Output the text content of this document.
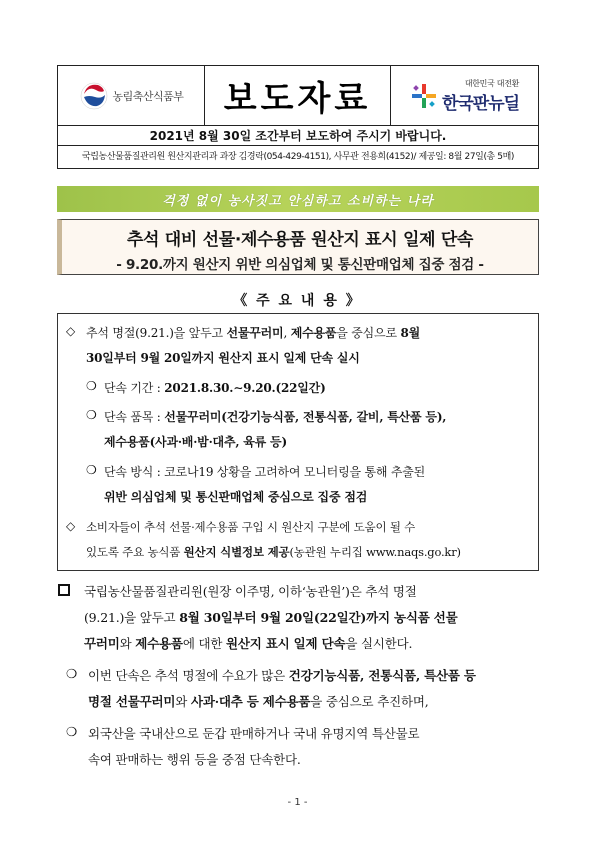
농림축산식품부 보도자료	대한민국 대전환
한국판뉴딜
2021년 8월 30일 조간부터 보도하여 주시기 바랍니다.
국립농산물품질관리원 원산지관리과 과장 김경락(054-429-4151), 사무관 전용희(4152)/ 제공일: 8월 27일(총 5매)
걱정 없이 농사짓고 안심하고 소비하는 나라
추석 대비 선물·제수용품 원산지 표시 일제 단속
- 9.20.까지 원산지 위반 의심업체 및 통신판매업체 집중 점검 -
《 주 요 내 용 》
◇ 추석 명절(9.21.)을 앞두고 선물꾸러미, 제수용품을 중심으로 8월
30일부터 9월 20일까지 원산지 표시 일제 단속 실시
❍ 단속 기간 : 2021.8.30.∼9.20.(22일간)
❍ 단속 품목 : 선물꾸러미(건강기능식품, 전통식품, 갈비, 특산품 등),
제수용품(사과·배·밤·대추, 육류 등)
❍ 단속 방식 : 코로나19 상황을 고려하여 모니터링을 통해 추출된
위반 의심업체 및 통신판매업체 중심으로 집중 점검
◇ 소비자들이 추석 선물·제수용품 구입 시 원산지 구분에 도움이 될 수
있도록 주요 농식품 원산지 식별정보 제공(농관원 누리집 www.naqs.go.kr)
국립농산물품질관리원(원장 이주명, 이하‘농관원’)은 추석 명절
(9.21.)을 앞두고 8월 30일부터 9월 20일(22일간)까지 농식품 선물
꾸러미와 제수용품에 대한 원산지 표시 일제 단속을 실시한다.
❍ 이번 단속은 추석 명절에 수요가 많은 건강기능식품, 전통식품, 특산품 등
명절 선물꾸러미와 사과·대추 등 제수용품을 중심으로 추진하며,
❍ 외국산을 국내산으로 둔갑 판매하거나 국내 유명지역 특산물로
속여 판매하는 행위 등을 중점 단속한다.
- 1 -
